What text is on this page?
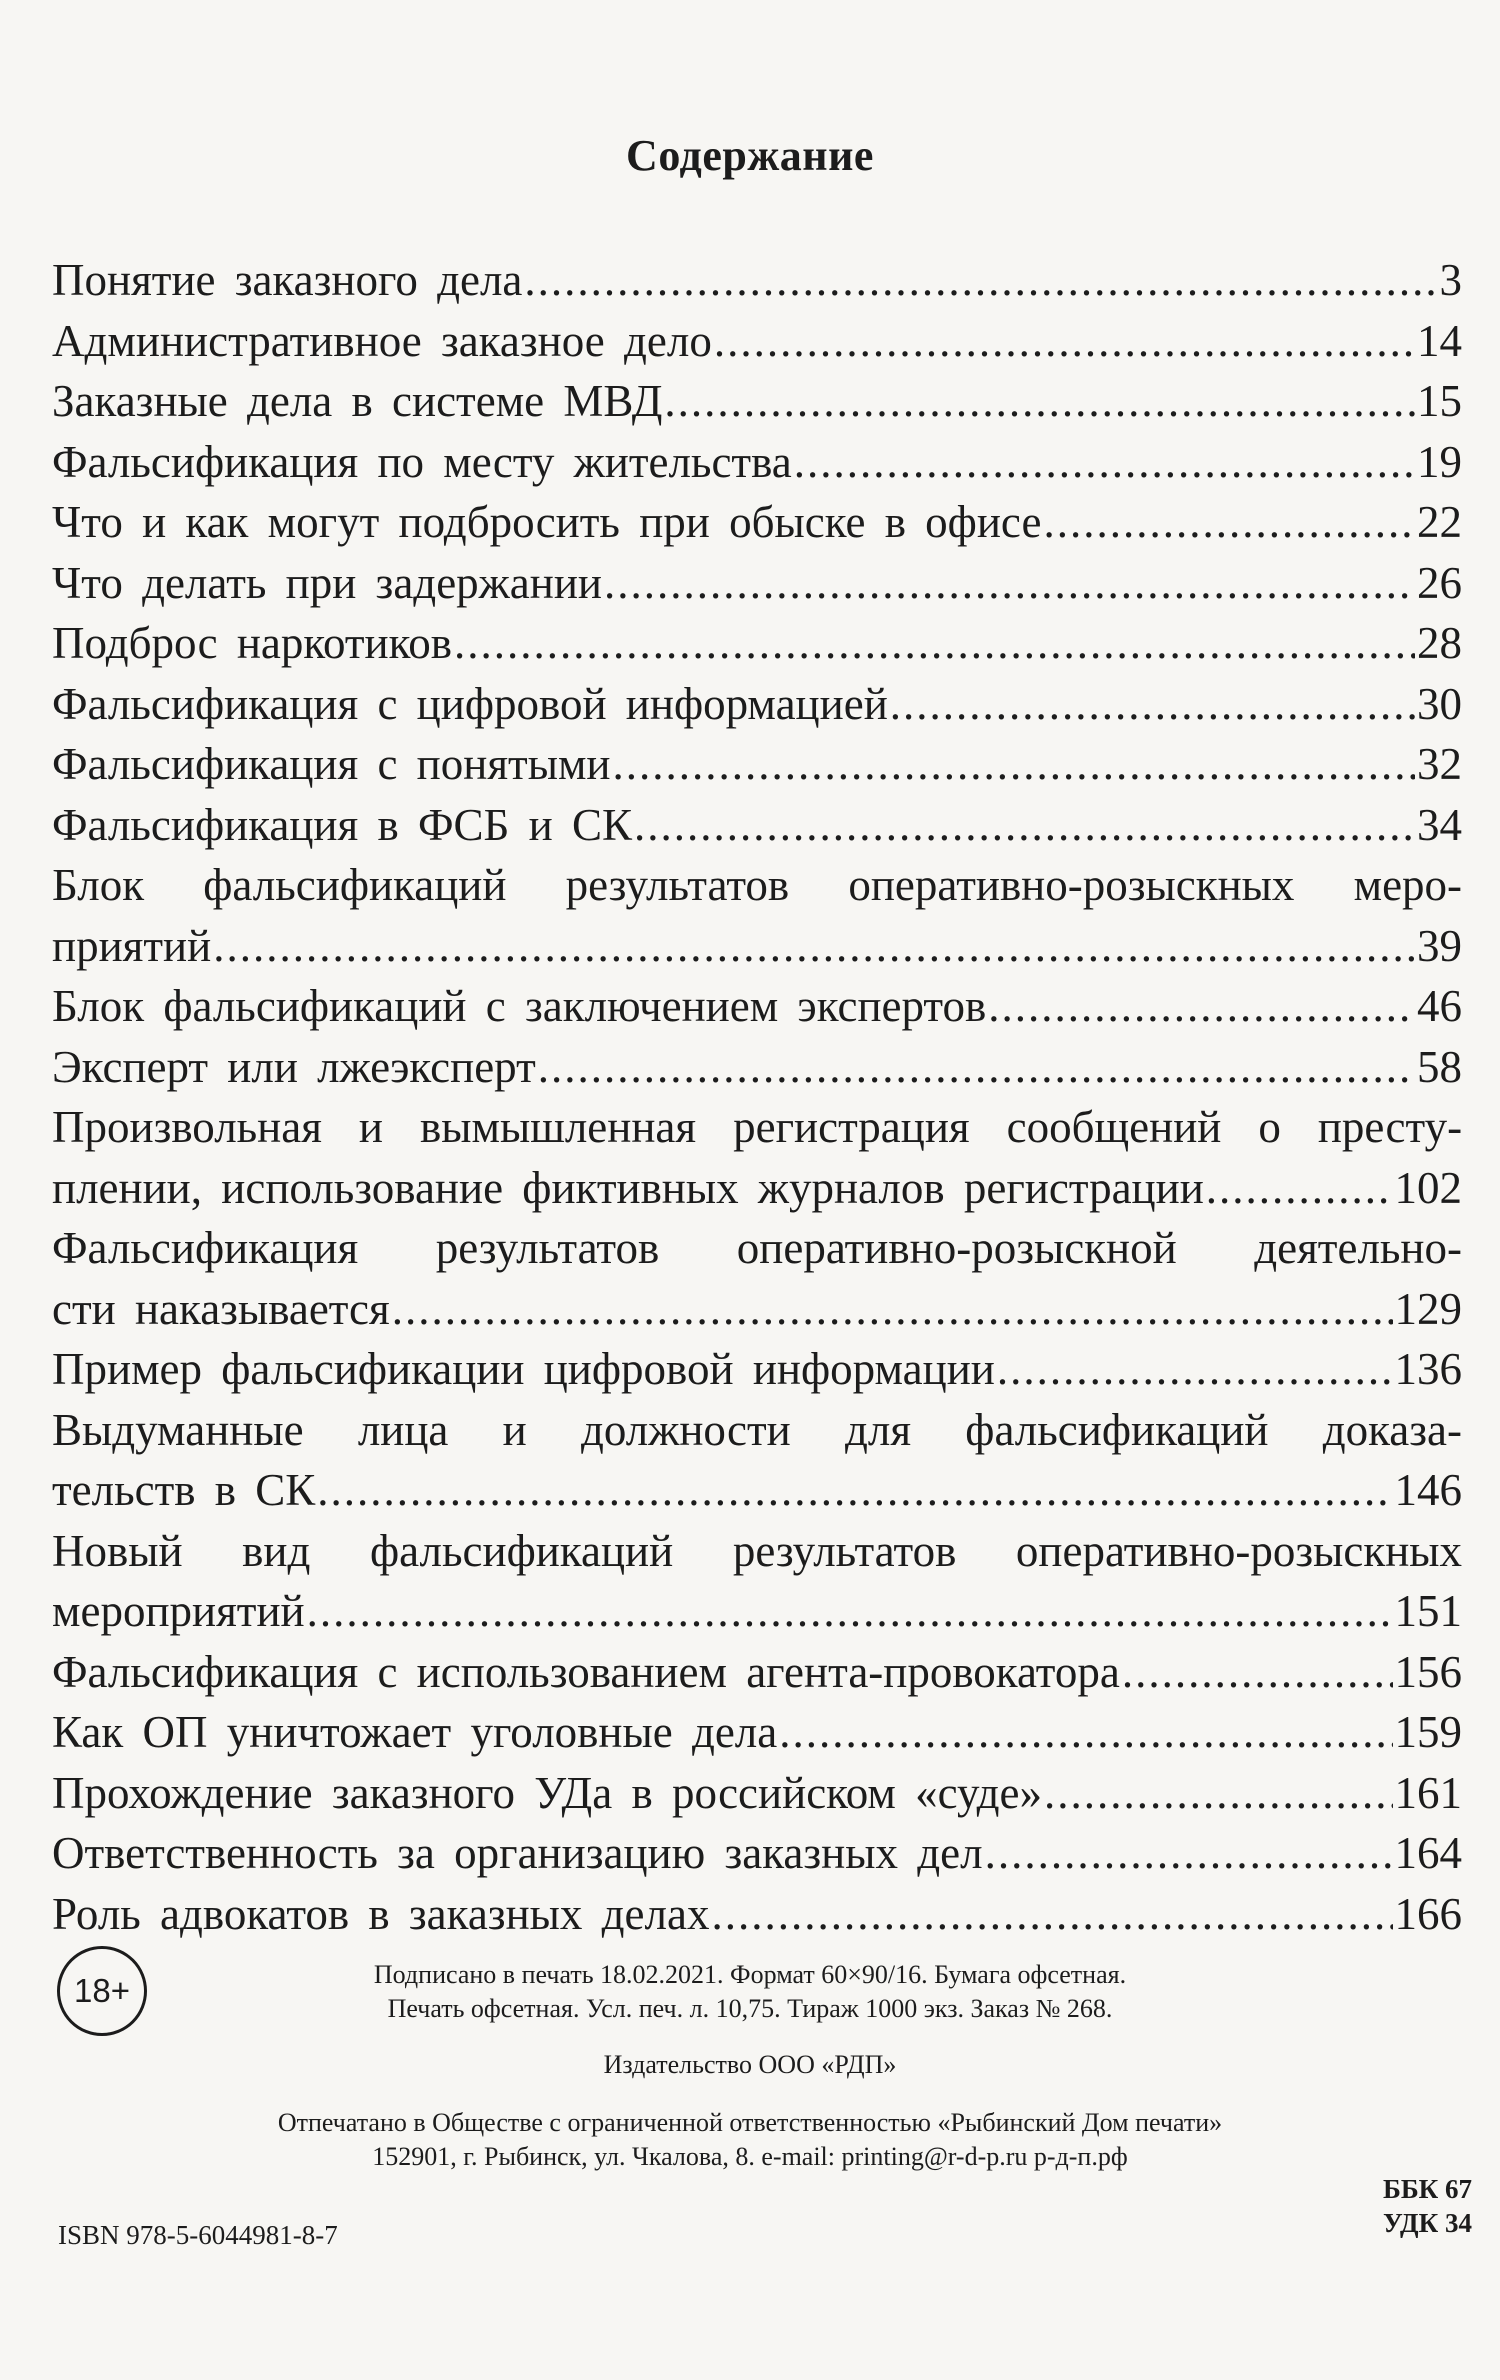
Содержание
Понятие заказного дела .....	3
Административное заказное дело .....	14
Заказные дела в системе МВД .....	15
Фальсификация по месту жительства .....	19
Что и как могут подбросить при обыске в офисе .....	22
Что делать при задержании .....	26
Подброс наркотиков .....	28
Фальсификация с цифровой информацией .....	30
Фальсификация с понятыми .....	32
Фальсификация в ФСБ и СК .....	34
Блок фальсификаций результатов оперативно-розыскных меро-
приятий .....	39
Блок фальсификаций с заключением экспертов .....	46
Эксперт или лжеэксперт .....	58
Произвольная и вымышленная регистрация сообщений о престу-
плении, использование фиктивных журналов регистрации .....	102
Фальсификация результатов оперативно-розыскной деятельно-
сти наказывается .....	129
Пример фальсификации цифровой информации .....	136
Выдуманные лица и должности для фальсификаций доказа-
тельств в СК .....	146
Новый вид фальсификаций результатов оперативно-розыскных
мероприятий .....	151
Фальсификация с использованием агента-провокатора .....	156
Как ОП уничтожает уголовные дела .....	159
Прохождение заказного УДа в российском «суде» .....	161
Ответственность за организацию заказных дел .....	164
Роль адвокатов в заказных делах .....	166
18+	Подписано в печать 18.02.2021. Формат 60×90/16. Бумага офсетная.
Печать офсетная. Усл. печ. л. 10,75. Тираж 1000 экз. Заказ № 268.
Издательство ООО «РДП»
Отпечатано в Обществе с ограниченной ответственностью «Рыбинский Дом печати»
152901, г. Рыбинск, ул. Чкалова, 8. e-mail: printing@r-d-p.ru р-д-п.рф
ISBN 978-5-6044981-8-7
ББК 67
УДК 34
